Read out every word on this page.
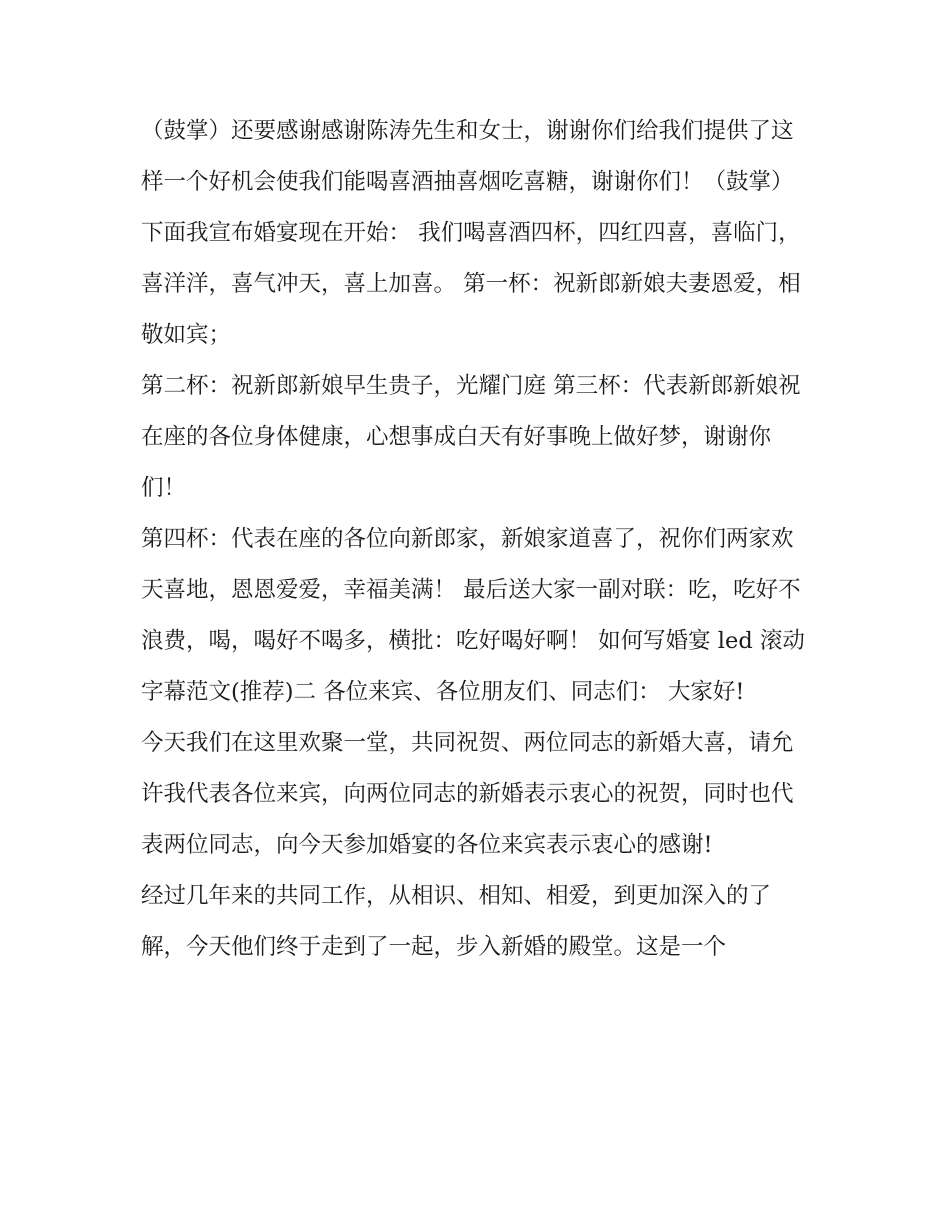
（鼓掌）还要感谢感谢陈涛先生和女士，谢谢你们给我们提供了这样一个好机会使我们能喝喜酒抽喜烟吃喜糖，谢谢你们！（鼓掌）

下面我宣布婚宴现在开始： 我们喝喜酒四杯，四红四喜，喜临门，喜洋洋，喜气冲天，喜上加喜。 第一杯：祝新郎新娘夫妻恩爱，相敬如宾；

第二杯：祝新郎新娘早生贵子，光耀门庭 第三杯：代表新郎新娘祝在座的各位身体健康，心想事成白天有好事晚上做好梦，谢谢你们！

第四杯：代表在座的各位向新郎家，新娘家道喜了，祝你们两家欢天喜地，恩恩爱爱，幸福美满！ 最后送大家一副对联：吃，吃好不浪费，喝，喝好不喝多，横批：吃好喝好啊！ 如何写婚宴 led 滚动字幕范文(推荐)二 各位来宾、各位朋友们、同志们： 大家好!

今天我们在这里欢聚一堂，共同祝贺、两位同志的新婚大喜，请允许我代表各位来宾，向两位同志的新婚表示衷心的祝贺，同时也代表两位同志，向今天参加婚宴的各位来宾表示衷心的感谢!

经过几年来的共同工作，从相识、相知、相爱，到更加深入的了解，今天他们终于走到了一起，步入新婚的殿堂。这是一个
